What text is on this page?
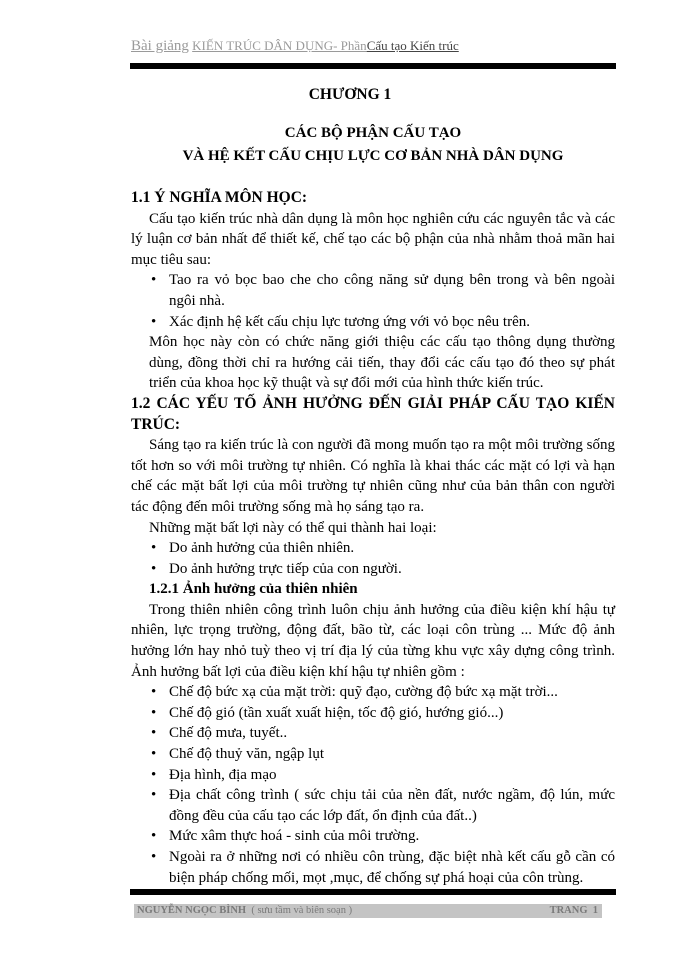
Bài giảng KIẾN TRÚC DÂN DỤNG- PhầnCấu tạo Kiến trúc
CHƯƠNG 1
CÁC BỘ PHẬN CẤU TẠO
VÀ HỆ KẾT CẤU CHỊU LỰC CƠ BẢN NHÀ DÂN DỤNG

1.1 Ý NGHĨA MÔN HỌC:

Cấu tạo kiến trúc nhà dân dụng là môn học nghiên cứu các nguyên tắc và các lý luận cơ bản nhất để thiết kế, chế tạo các bộ phận của nhà nhằm thoả mãn hai mục tiêu sau:

• Tao ra vỏ bọc bao che cho công năng sử dụng bên trong và bên ngoài ngôi nhà.
• Xác định hệ kết cấu chịu lực tương ứng với vỏ bọc nêu trên.

Môn học này còn có chức năng giới thiệu các cấu tạo thông dụng thường dùng, đồng thời chỉ ra hướng cải tiến, thay đổi các cấu tạo đó theo sự phát triển của khoa học kỹ thuật và sự đổi mới của hình thức kiến trúc.

1.2 CÁC YẾU TỐ ẢNH HƯỞNG ĐẾN GIẢI PHÁP CẤU TẠO KIẾN TRÚC:

Sáng tạo ra kiến trúc là con người đã mong muốn tạo ra một môi trường sống tốt hơn so với môi trường tự nhiên. Có nghĩa là khai thác các mặt có lợi và hạn chế các mặt bất lợi của môi trường tự nhiên cũng như của bản thân con người tác động đến môi trường sống mà họ sáng tạo ra.

Những mặt bất lợi này có thể qui thành hai loại:

• Do ảnh hưởng của thiên nhiên.
• Do ảnh hưởng trực tiếp của con người.

1.2.1 Ảnh hưởng của thiên nhiên

Trong thiên nhiên công trình luôn chịu ảnh hưởng của điều kiện khí hậu tự nhiên, lực trọng trường, động đất, bão từ, các loại côn trùng ... Mức độ ảnh hưởng lớn hay nhỏ tuỳ theo vị trí địa lý của từng khu vực xây dựng công trình. Ảnh hưởng bất lợi của điều kiện khí hậu tự nhiên gồm :

• Chế độ bức xạ của mặt trời: quỹ đạo, cường độ bức xạ mặt trời...
• Chế độ gió (tần xuất xuất hiện, tốc độ gió, hướng gió...)
• Chế độ mưa, tuyết..
• Chế độ thuỷ văn, ngập lụt
• Địa hình, địa mạo
• Địa chất công trình ( sức chịu tải của nền đất, nước ngầm, độ lún, mức đồng đều của cấu tạo các lớp đất, ổn định của đất..)
• Mức xâm thực hoá - sinh của môi trường.
• Ngoài ra ở những nơi có nhiều côn trùng, đặc biệt nhà kết cấu gỗ cần có biện pháp chống mối, mọt ,mục, để chống sự phá hoại của côn trùng.
NGUYỄN NGỌC BÌNH ( sưu tầm và biên soạn )	TRANG 1
